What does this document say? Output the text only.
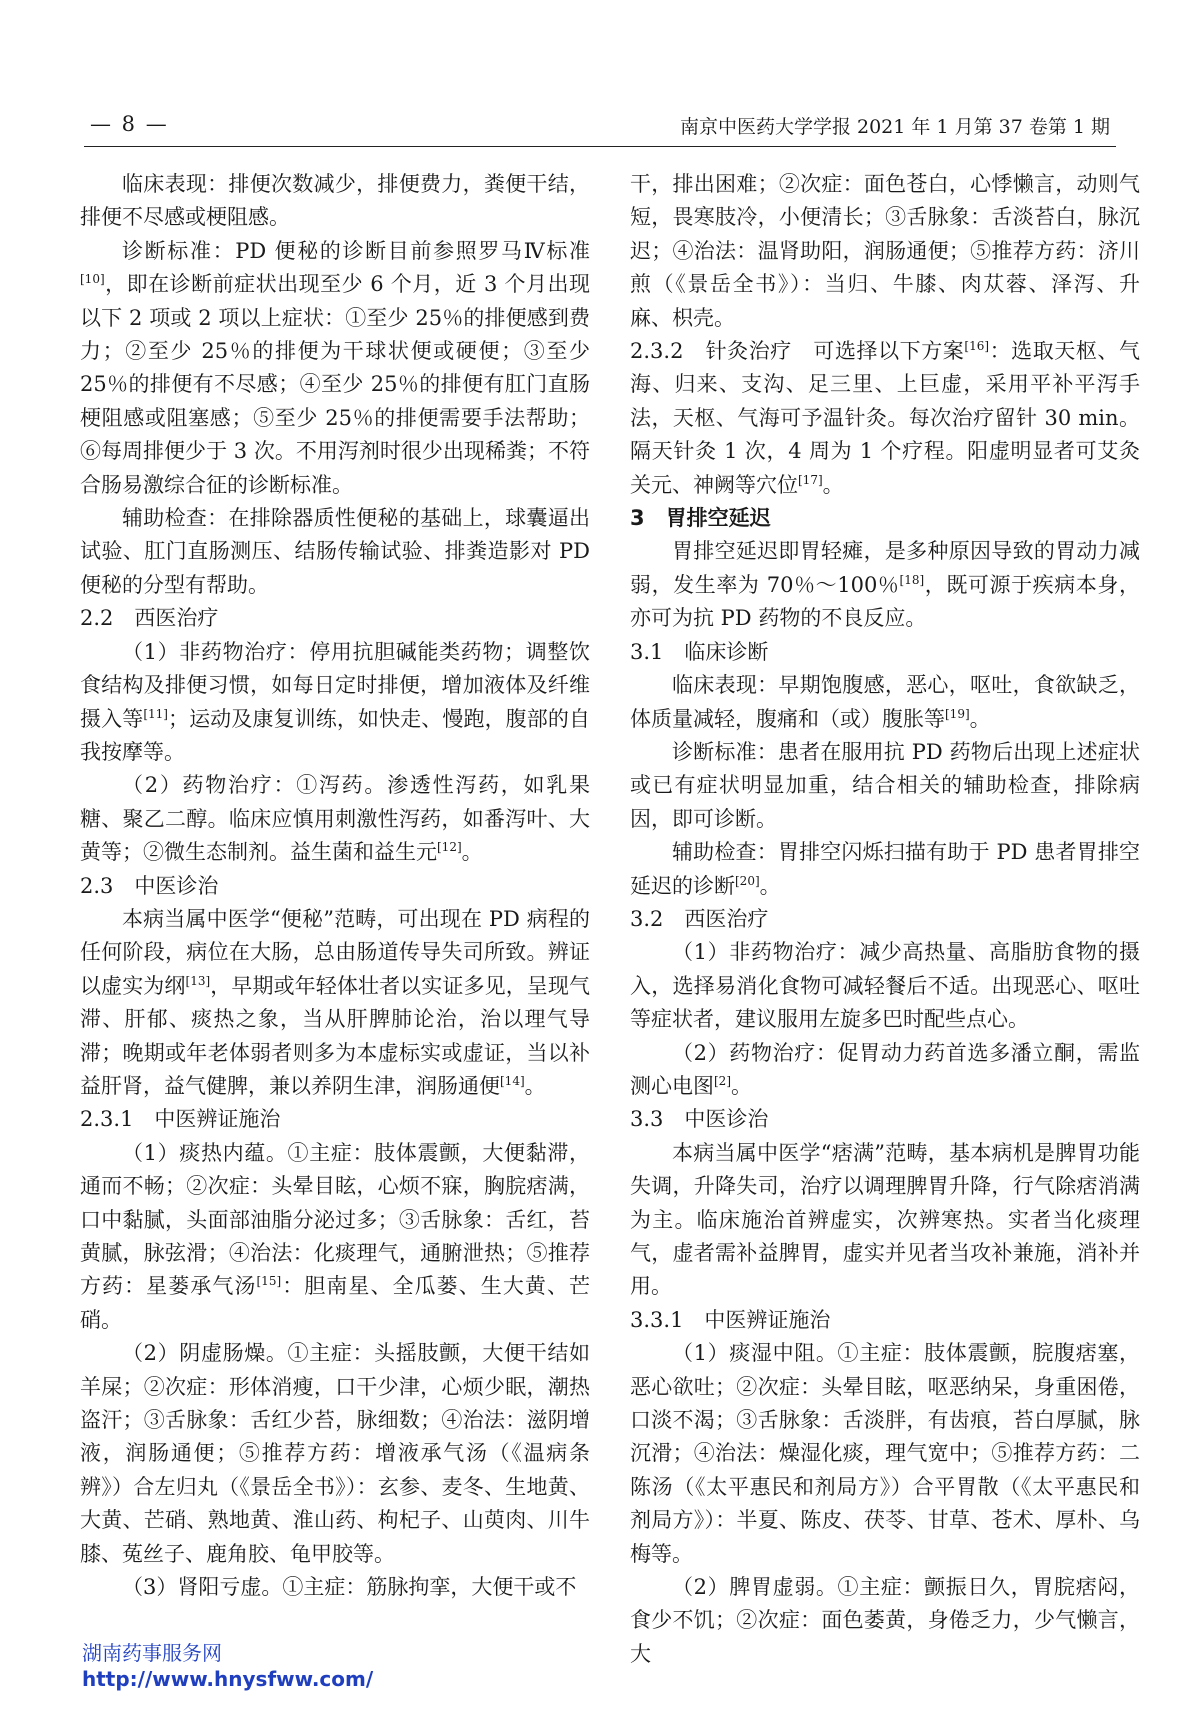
— 8 —	南京中医药大学学报 2021 年 1 月第 37 卷第 1 期

临床表现：排便次数减少，排便费力，粪便干结，排便不尽感或梗阻感。

诊断标准：PD 便秘的诊断目前参照罗马Ⅳ标准[10]，即在诊断前症状出现至少 6 个月，近 3 个月出现以下 2 项或 2 项以上症状：①至少 25％的排便感到费力；②至少 25％的排便为干球状便或硬便；③至少 25％的排便有不尽感；④至少 25％的排便有肛门直肠梗阻感或阻塞感；⑤至少 25％的排便需要手法帮助；⑥每周排便少于 3 次。不用泻剂时很少出现稀粪；不符合肠易激综合征的诊断标准。

辅助检查：在排除器质性便秘的基础上，球囊逼出试验、肛门直肠测压、结肠传输试验、排粪造影对 PD 便秘的分型有帮助。

2.2　西医治疗

（1）非药物治疗：停用抗胆碱能类药物；调整饮食结构及排便习惯，如每日定时排便，增加液体及纤维摄入等[11]；运动及康复训练，如快走、慢跑，腹部的自我按摩等。

（2）药物治疗：①泻药。渗透性泻药，如乳果糖、聚乙二醇。临床应慎用刺激性泻药，如番泻叶、大黄等；②微生态制剂。益生菌和益生元[12]。

2.3　中医诊治

本病当属中医学“便秘”范畴，可出现在 PD 病程的任何阶段，病位在大肠，总由肠道传导失司所致。辨证以虚实为纲[13]，早期或年轻体壮者以实证多见，呈现气滞、肝郁、痰热之象，当从肝脾肺论治，治以理气导滞；晚期或年老体弱者则多为本虚标实或虚证，当以补益肝肾，益气健脾，兼以养阴生津，润肠通便[14]。

2.3.1　中医辨证施治

（1）痰热内蕴。①主症：肢体震颤，大便黏滞，通而不畅；②次症：头晕目眩，心烦不寐，胸脘痞满，口中黏腻，头面部油脂分泌过多；③舌脉象：舌红，苔黄腻，脉弦滑；④治法：化痰理气，通腑泄热；⑤推荐方药：星蒌承气汤[15]：胆南星、全瓜蒌、生大黄、芒硝。

（2）阴虚肠燥。①主症：头摇肢颤，大便干结如羊屎；②次症：形体消瘦，口干少津，心烦少眠，潮热盗汗；③舌脉象：舌红少苔，脉细数；④治法：滋阴增液，润肠通便；⑤推荐方药：增液承气汤（《温病条辨》）合左归丸（《景岳全书》）：玄参、麦冬、生地黄、大黄、芒硝、熟地黄、淮山药、枸杞子、山萸肉、川牛膝、菟丝子、鹿角胶、龟甲胶等。

（3）肾阳亏虚。①主症：筋脉拘挛，大便干或不

干，排出困难；②次症：面色苍白，心悸懒言，动则气短，畏寒肢冷，小便清长；③舌脉象：舌淡苔白，脉沉迟；④治法：温肾助阳，润肠通便；⑤推荐方药：济川煎（《景岳全书》）：当归、牛膝、肉苁蓉、泽泻、升麻、枳壳。

2.3.2　针灸治疗　可选择以下方案[16]：选取天枢、气海、归来、支沟、足三里、上巨虚，采用平补平泻手法，天枢、气海可予温针灸。每次治疗留针 30 min。隔天针灸 1 次，4 周为 1 个疗程。阳虚明显者可艾灸关元、神阙等穴位[17]。

3　胃排空延迟

胃排空延迟即胃轻瘫，是多种原因导致的胃动力减弱，发生率为 70％～100％[18]，既可源于疾病本身，亦可为抗 PD 药物的不良反应。

3.1　临床诊断

临床表现：早期饱腹感，恶心，呕吐，食欲缺乏，体质量减轻，腹痛和（或）腹胀等[19]。

诊断标准：患者在服用抗 PD 药物后出现上述症状或已有症状明显加重，结合相关的辅助检查，排除病因，即可诊断。

辅助检查：胃排空闪烁扫描有助于 PD 患者胃排空延迟的诊断[20]。

3.2　西医治疗

（1）非药物治疗：减少高热量、高脂肪食物的摄入，选择易消化食物可减轻餐后不适。出现恶心、呕吐等症状者，建议服用左旋多巴时配些点心。

（2）药物治疗：促胃动力药首选多潘立酮，需监测心电图[2]。

3.3　中医诊治

本病当属中医学“痞满”范畴，基本病机是脾胃功能失调，升降失司，治疗以调理脾胃升降，行气除痞消满为主。临床施治首辨虚实，次辨寒热。实者当化痰理气，虚者需补益脾胃，虚实并见者当攻补兼施，消补并用。

3.3.1　中医辨证施治

（1）痰湿中阻。①主症：肢体震颤，脘腹痞塞，恶心欲吐；②次症：头晕目眩，呕恶纳呆，身重困倦，口淡不渴；③舌脉象：舌淡胖，有齿痕，苔白厚腻，脉沉滑；④治法：燥湿化痰，理气宽中；⑤推荐方药：二陈汤（《太平惠民和剂局方》）合平胃散（《太平惠民和剂局方》）：半夏、陈皮、茯苓、甘草、苍术、厚朴、乌梅等。

（2）脾胃虚弱。①主症：颤振日久，胃脘痞闷，食少不饥；②次症：面色萎黄，身倦乏力，少气懒言，大

湖南药事服务网
http://www.hnysfww.com/
